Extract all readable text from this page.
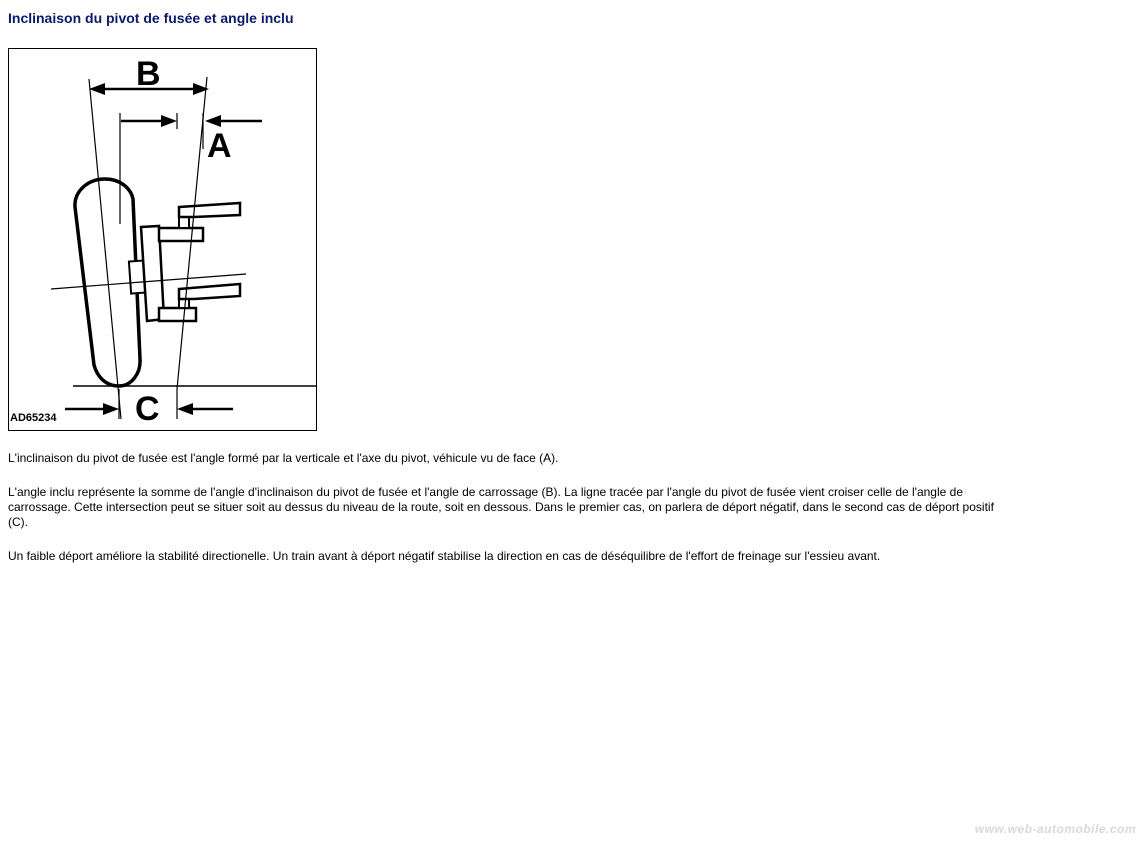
Inclinaison du pivot de fusée et angle inclu
B
A
C
AD65234

L'inclinaison du pivot de fusée est l'angle formé par la verticale et l'axe du pivot, véhicule vu de face (A).

L'angle inclu représente la somme de l'angle d'inclinaison du pivot de fusée et l'angle de carrossage (B). La ligne tracée par l'angle du pivot de fusée vient croiser celle de l'angle de carrossage. Cette intersection peut se situer soit au dessus du niveau de la route, soit en dessous. Dans le premier cas, on parlera de déport négatif, dans le second cas de déport positif (C).

Un faible déport améliore la stabilité directionelle. Un train avant à déport négatif stabilise la direction en cas de déséquilibre de l'effort de freinage sur l'essieu avant.

www.web-automobile.com
